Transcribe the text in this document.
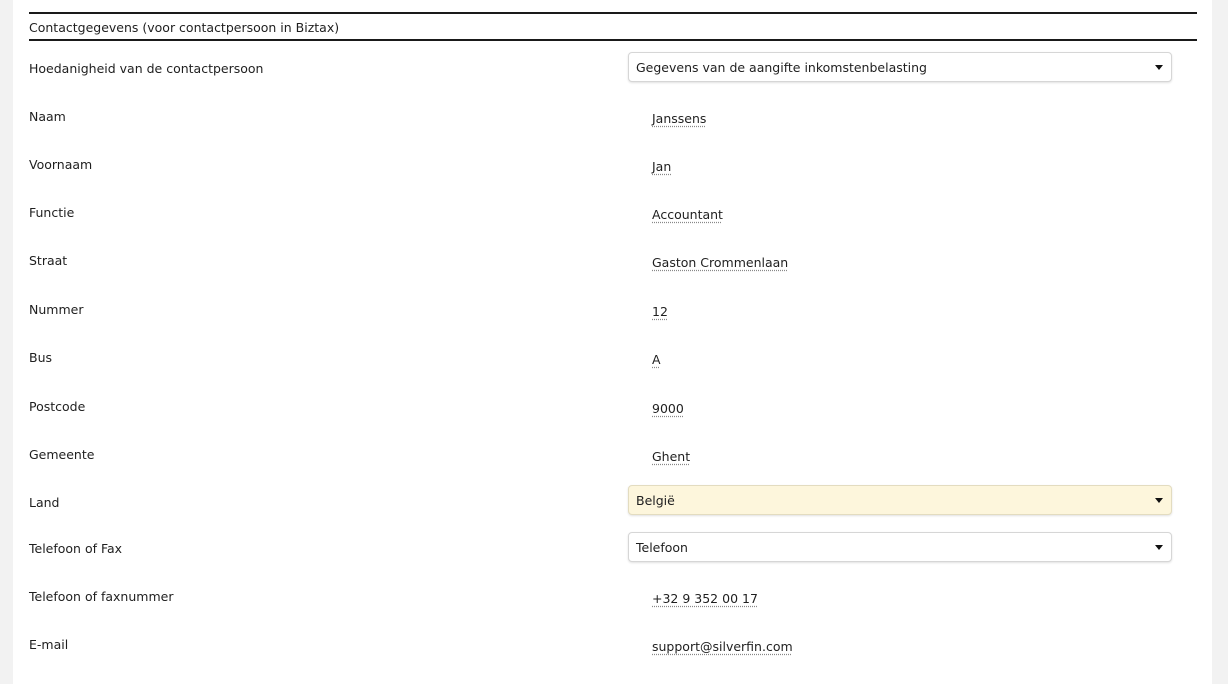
Contactgegevens (voor contactpersoon in Biztax)
Hoedanigheid van de contactpersoon	Gegevens van de aangifte inkomstenbelasting
Naam	Janssens
Voornaam	Jan
Functie	Accountant
Straat	Gaston Crommenlaan
Nummer	12
Bus	A
Postcode	9000
Gemeente	Ghent
Land	België
Telefoon of Fax	Telefoon
Telefoon of faxnummer	+32 9 352 00 17
E-mail	support@silverfin.com
